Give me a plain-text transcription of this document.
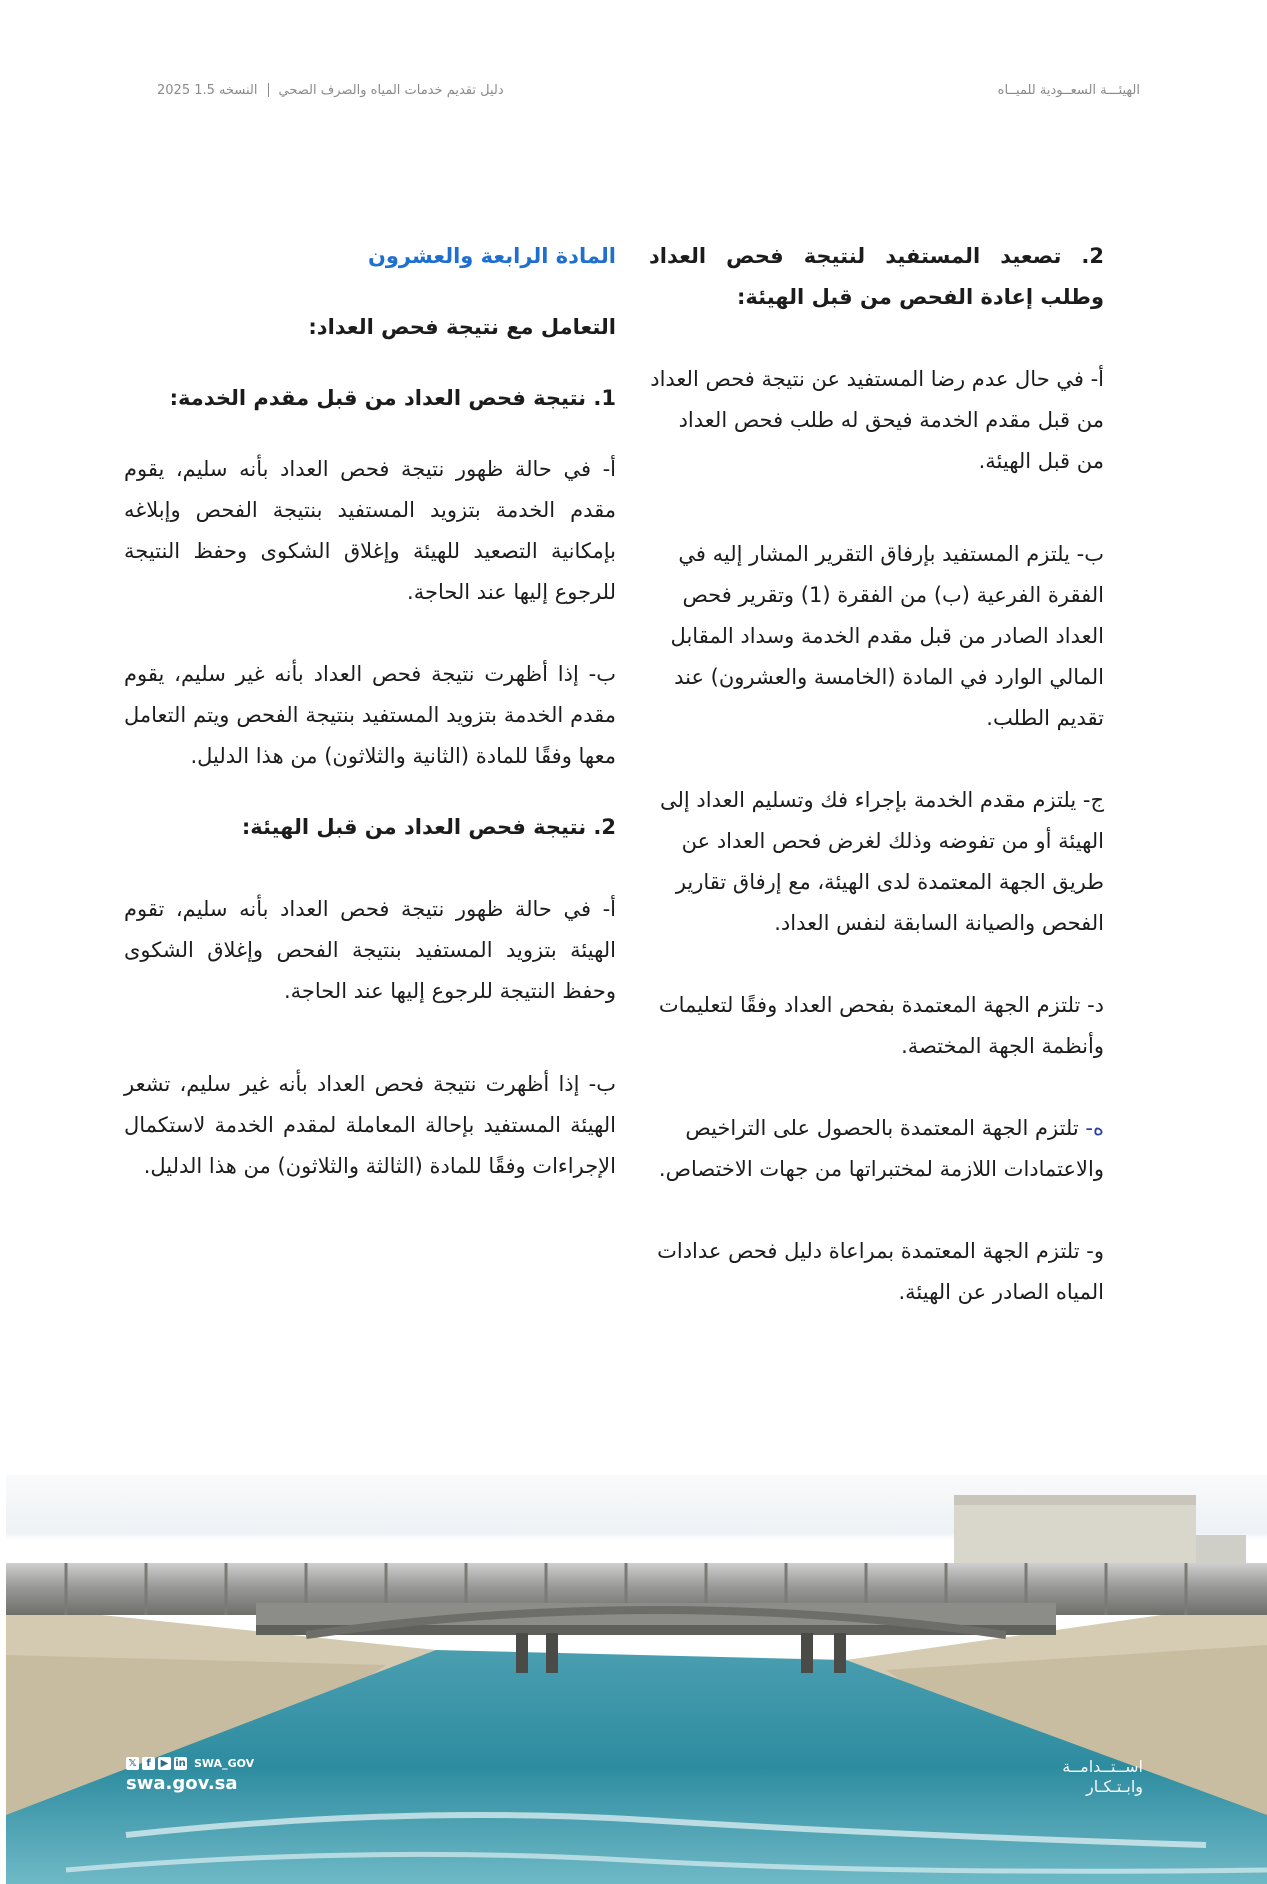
الهيئـــة السعــودية للميــاه
دليل تقديم خدمات المياه والصرف الصحي
النسخه 1.5 2025

2. تصعيد المستفيد لنتيجة فحص العداد وطلب إعادة الفحص من قبل الهيئة:

أ- في حال عدم رضا المستفيد عن نتيجة فحص العداد من قبل مقدم الخدمة فيحق له طلب فحص العداد من قبل الهيئة.

ب- يلتزم المستفيد بإرفاق التقرير المشار إليه في الفقرة الفرعية (ب) من الفقرة (1) وتقرير فحص العداد الصادر من قبل مقدم الخدمة وسداد المقابل المالي الوارد في المادة (الخامسة والعشرون) عند تقديم الطلب.

ج- يلتزم مقدم الخدمة بإجراء فك وتسليم العداد إلى الهيئة أو من تفوضه وذلك لغرض فحص العداد عن طريق الجهة المعتمدة لدى الهيئة، مع إرفاق تقارير الفحص والصيانة السابقة لنفس العداد.

د- تلتزم الجهة المعتمدة بفحص العداد وفقًا لتعليمات وأنظمة الجهة المختصة.

ه- تلتزم الجهة المعتمدة بالحصول على التراخيص والاعتمادات اللازمة لمختبراتها من جهات الاختصاص.

و- تلتزم الجهة المعتمدة بمراعاة دليل فحص عدادات المياه الصادر عن الهيئة.

المادة الرابعة والعشرون

التعامل مع نتيجة فحص العداد:

1. نتيجة فحص العداد من قبل مقدم الخدمة:

أ- في حالة ظهور نتيجة فحص العداد بأنه سليم، يقوم مقدم الخدمة بتزويد المستفيد بنتيجة الفحص وإبلاغه بإمكانية التصعيد للهيئة وإغلاق الشكوى وحفظ النتيجة للرجوع إليها عند الحاجة.

ب- إذا أظهرت نتيجة فحص العداد بأنه غير سليم، يقوم مقدم الخدمة بتزويد المستفيد بنتيجة الفحص ويتم التعامل معها وفقًا للمادة (الثانية والثلاثون) من هذا الدليل.

2. نتيجة فحص العداد من قبل الهيئة:

أ- في حالة ظهور نتيجة فحص العداد بأنه سليم، تقوم الهيئة بتزويد المستفيد بنتيجة الفحص وإغلاق الشكوى وحفظ النتيجة للرجوع إليها عند الحاجة.

ب- إذا أظهرت نتيجة فحص العداد بأنه غير سليم، تشعر الهيئة المستفيد بإحالة المعاملة لمقدم الخدمة لاستكمال الإجراءات وفقًا للمادة (الثالثة والثلاثون) من هذا الدليل.

𝕏 f ▶ in SWA_GOV
swa.gov.sa
اســتــدامــة
وابـتـكـار
